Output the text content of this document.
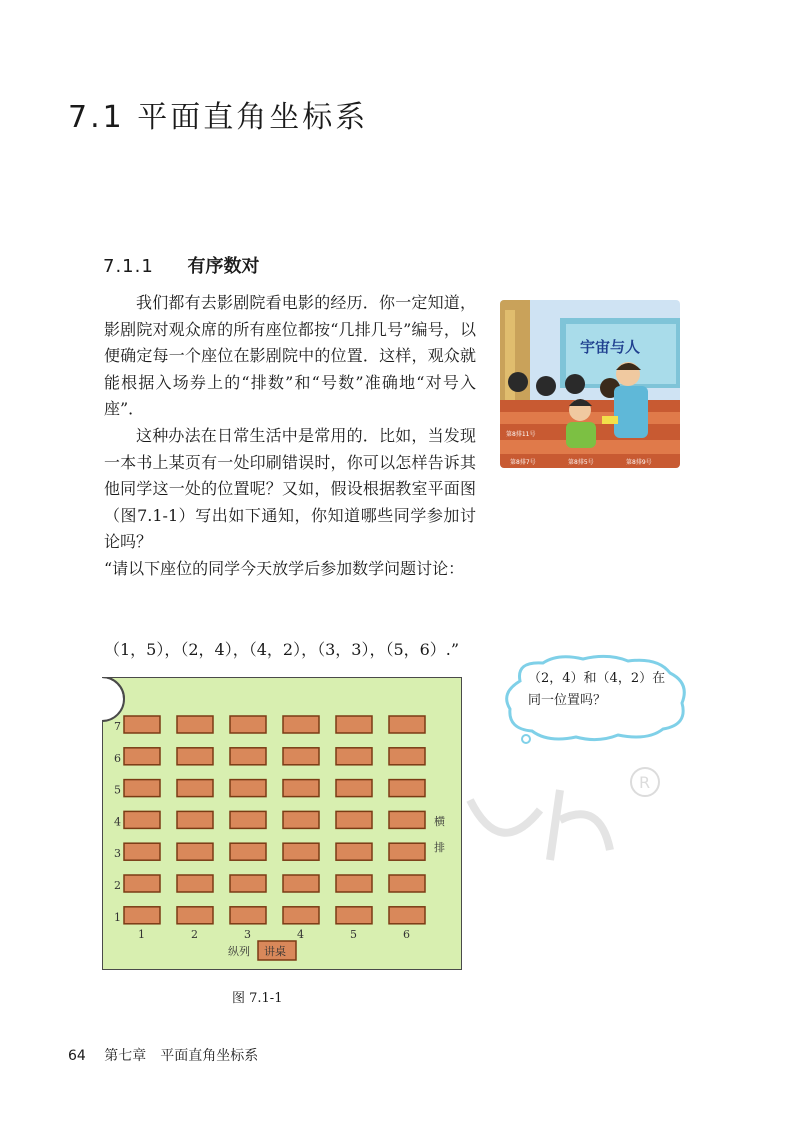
R
7.1 平面直角坐标系
7.1.1 有序数对
我们都有去影剧院看电影的经历．你一定知道，影剧院对观众席的所有座位都按“几排几号”编号，以便确定每一个座位在影剧院中的位置．这样，观众就能根据入场券上的“排数”和“号数”准确地“对号入座”．
这种办法在日常生活中是常用的．比如，当发现一本书上某页有一处印刷错误时，你可以怎样告诉其他同学这一处的位置呢？又如，假设根据教室平面图（图7.1-1）写出如下通知，你知道哪些同学参加讨论吗？
“请以下座位的同学今天放学后参加数学问题讨论：
（1，5），（2，4），（4，2），（3，3），（5，6）.”
宇宙与人
第8排11号
第8排7号	第8排5号	第8排9号
（2，4）和（4，2）在同一位置吗？
7
6
5
4
3
2
1
1	2	3	4	5	6
横
排
纵列 讲桌
图 7.1-1
64 第七章　平面直角坐标系
